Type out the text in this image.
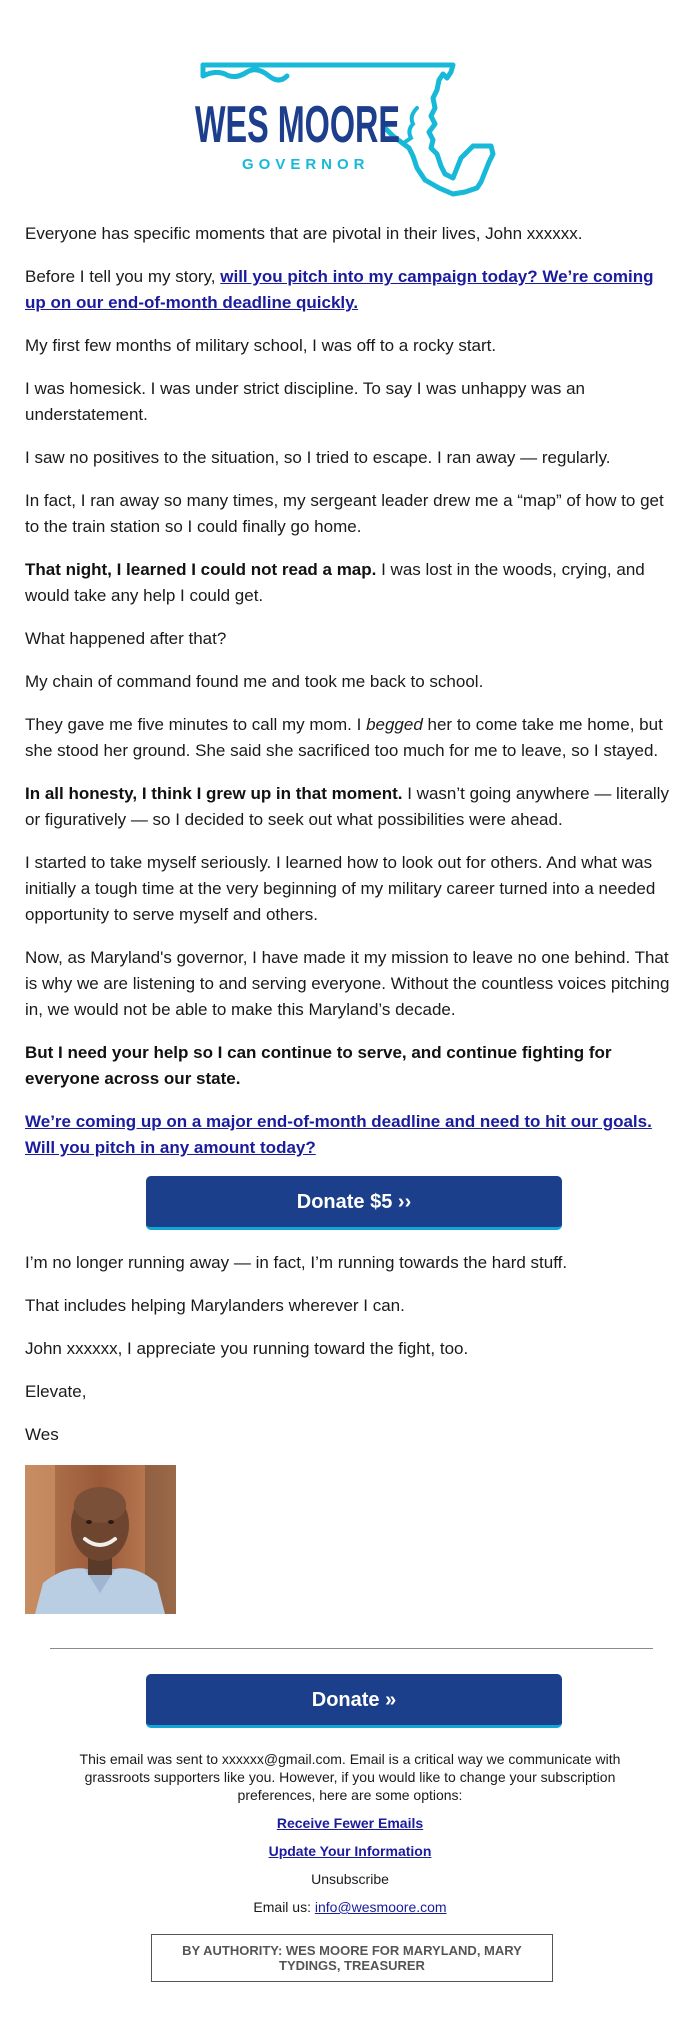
WES MOORE
GOVERNOR

Everyone has specific moments that are pivotal in their lives, John xxxxxx.

Before I tell you my story, will you pitch into my campaign today? We’re coming up on our end-of-month deadline quickly.

My first few months of military school, I was off to a rocky start.

I was homesick. I was under strict discipline. To say I was unhappy was an understatement.

I saw no positives to the situation, so I tried to escape. I ran away — regularly.

In fact, I ran away so many times, my sergeant leader drew me a “map” of how to get to the train station so I could finally go home.

That night, I learned I could not read a map. I was lost in the woods, crying, and would take any help I could get.

What happened after that?

My chain of command found me and took me back to school.

They gave me five minutes to call my mom. I begged her to come take me home, but she stood her ground. She said she sacrificed too much for me to leave, so I stayed.

In all honesty, I think I grew up in that moment. I wasn’t going anywhere — literally or figuratively — so I decided to seek out what possibilities were ahead.

I started to take myself seriously. I learned how to look out for others. And what was initially a tough time at the very beginning of my military career turned into a needed opportunity to serve myself and others.

Now, as Maryland's governor, I have made it my mission to leave no one behind. That is why we are listening to and serving everyone. Without the countless voices pitching in, we would not be able to make this Maryland’s decade.

But I need your help so I can continue to serve, and continue fighting for everyone across our state.

We’re coming up on a major end-of-month deadline and need to hit our goals. Will you pitch in any amount today?

Donate $5 ››

I’m no longer running away — in fact, I’m running towards the hard stuff.

That includes helping Marylanders wherever I can.

John xxxxxx, I appreciate you running toward the fight, too.

Elevate,

Wes

Donate »

This email was sent to xxxxxx@gmail.com. Email is a critical way we communicate with grassroots supporters like you. However, if you would like to change your subscription preferences, here are some options:

Receive Fewer Emails
Update Your Information

Unsubscribe

Email us: info@wesmoore.com

BY AUTHORITY: WES MOORE FOR MARYLAND, MARY TYDINGS, TREASURER
